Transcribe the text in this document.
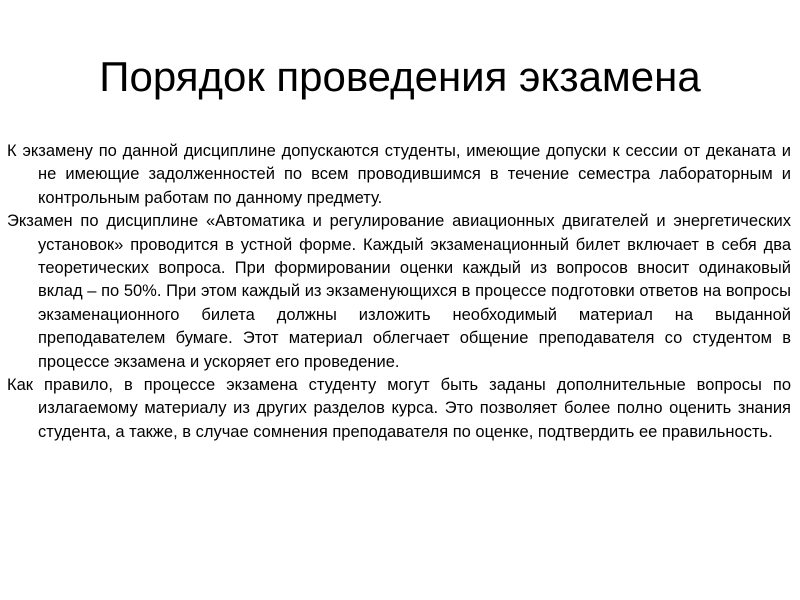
Порядок проведения экзамена
К экзамену по данной дисциплине допускаются студенты, имеющие допуски к сессии от деканата и не имеющие задолженностей по всем проводившимся в течение семестра лабораторным и контрольным работам по данному предмету.
Экзамен по дисциплине «Автоматика и регулирование авиационных двигателей и энергетических установок» проводится в устной форме. Каждый экзаменационный билет включает в себя два теоретических вопроса. При формировании оценки каждый из вопросов вносит одинаковый вклад – по 50%. При этом каждый из экзаменующихся в процессе подготовки ответов на вопросы экзаменационного билета должны изложить необходимый материал на выданной преподавателем бумаге. Этот материал облегчает общение преподавателя со студентом в процессе экзамена и ускоряет его проведение.
Как правило, в процессе экзамена студенту могут быть заданы дополнительные вопросы по излагаемому материалу из других разделов курса. Это позволяет более полно оценить знания студента, а также, в случае сомнения преподавателя по оценке, подтвердить ее правильность.
